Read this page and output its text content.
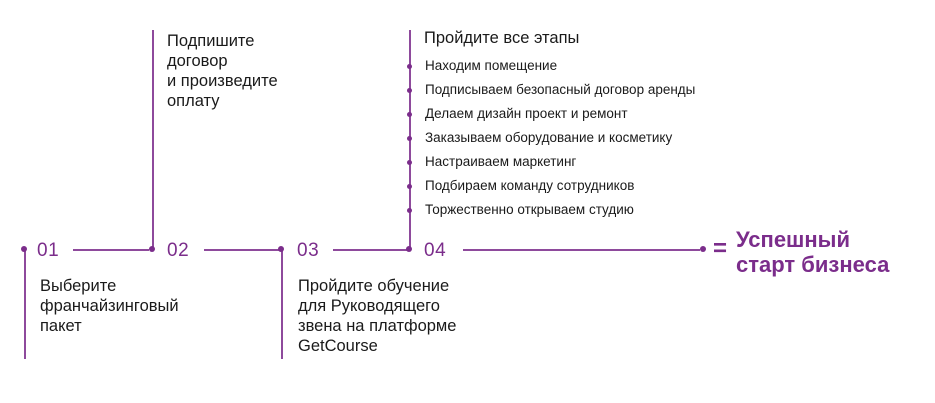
01	02	03	04
Выберите
франчайзинговый
пакет
Подпишите
договор
и произведите
оплату
Пройдите обучение
для Руководящего
звена на платформе
GetCourse
Пройдите все этапы
Находим помещение
Подписываем безопасный договор аренды
Делаем дизайн проект и ремонт
Заказываем оборудование и косметику
Настраиваем маркетинг
Подбираем команду сотрудников
Торжественно открываем студию
= Успешный
старт бизнеса
